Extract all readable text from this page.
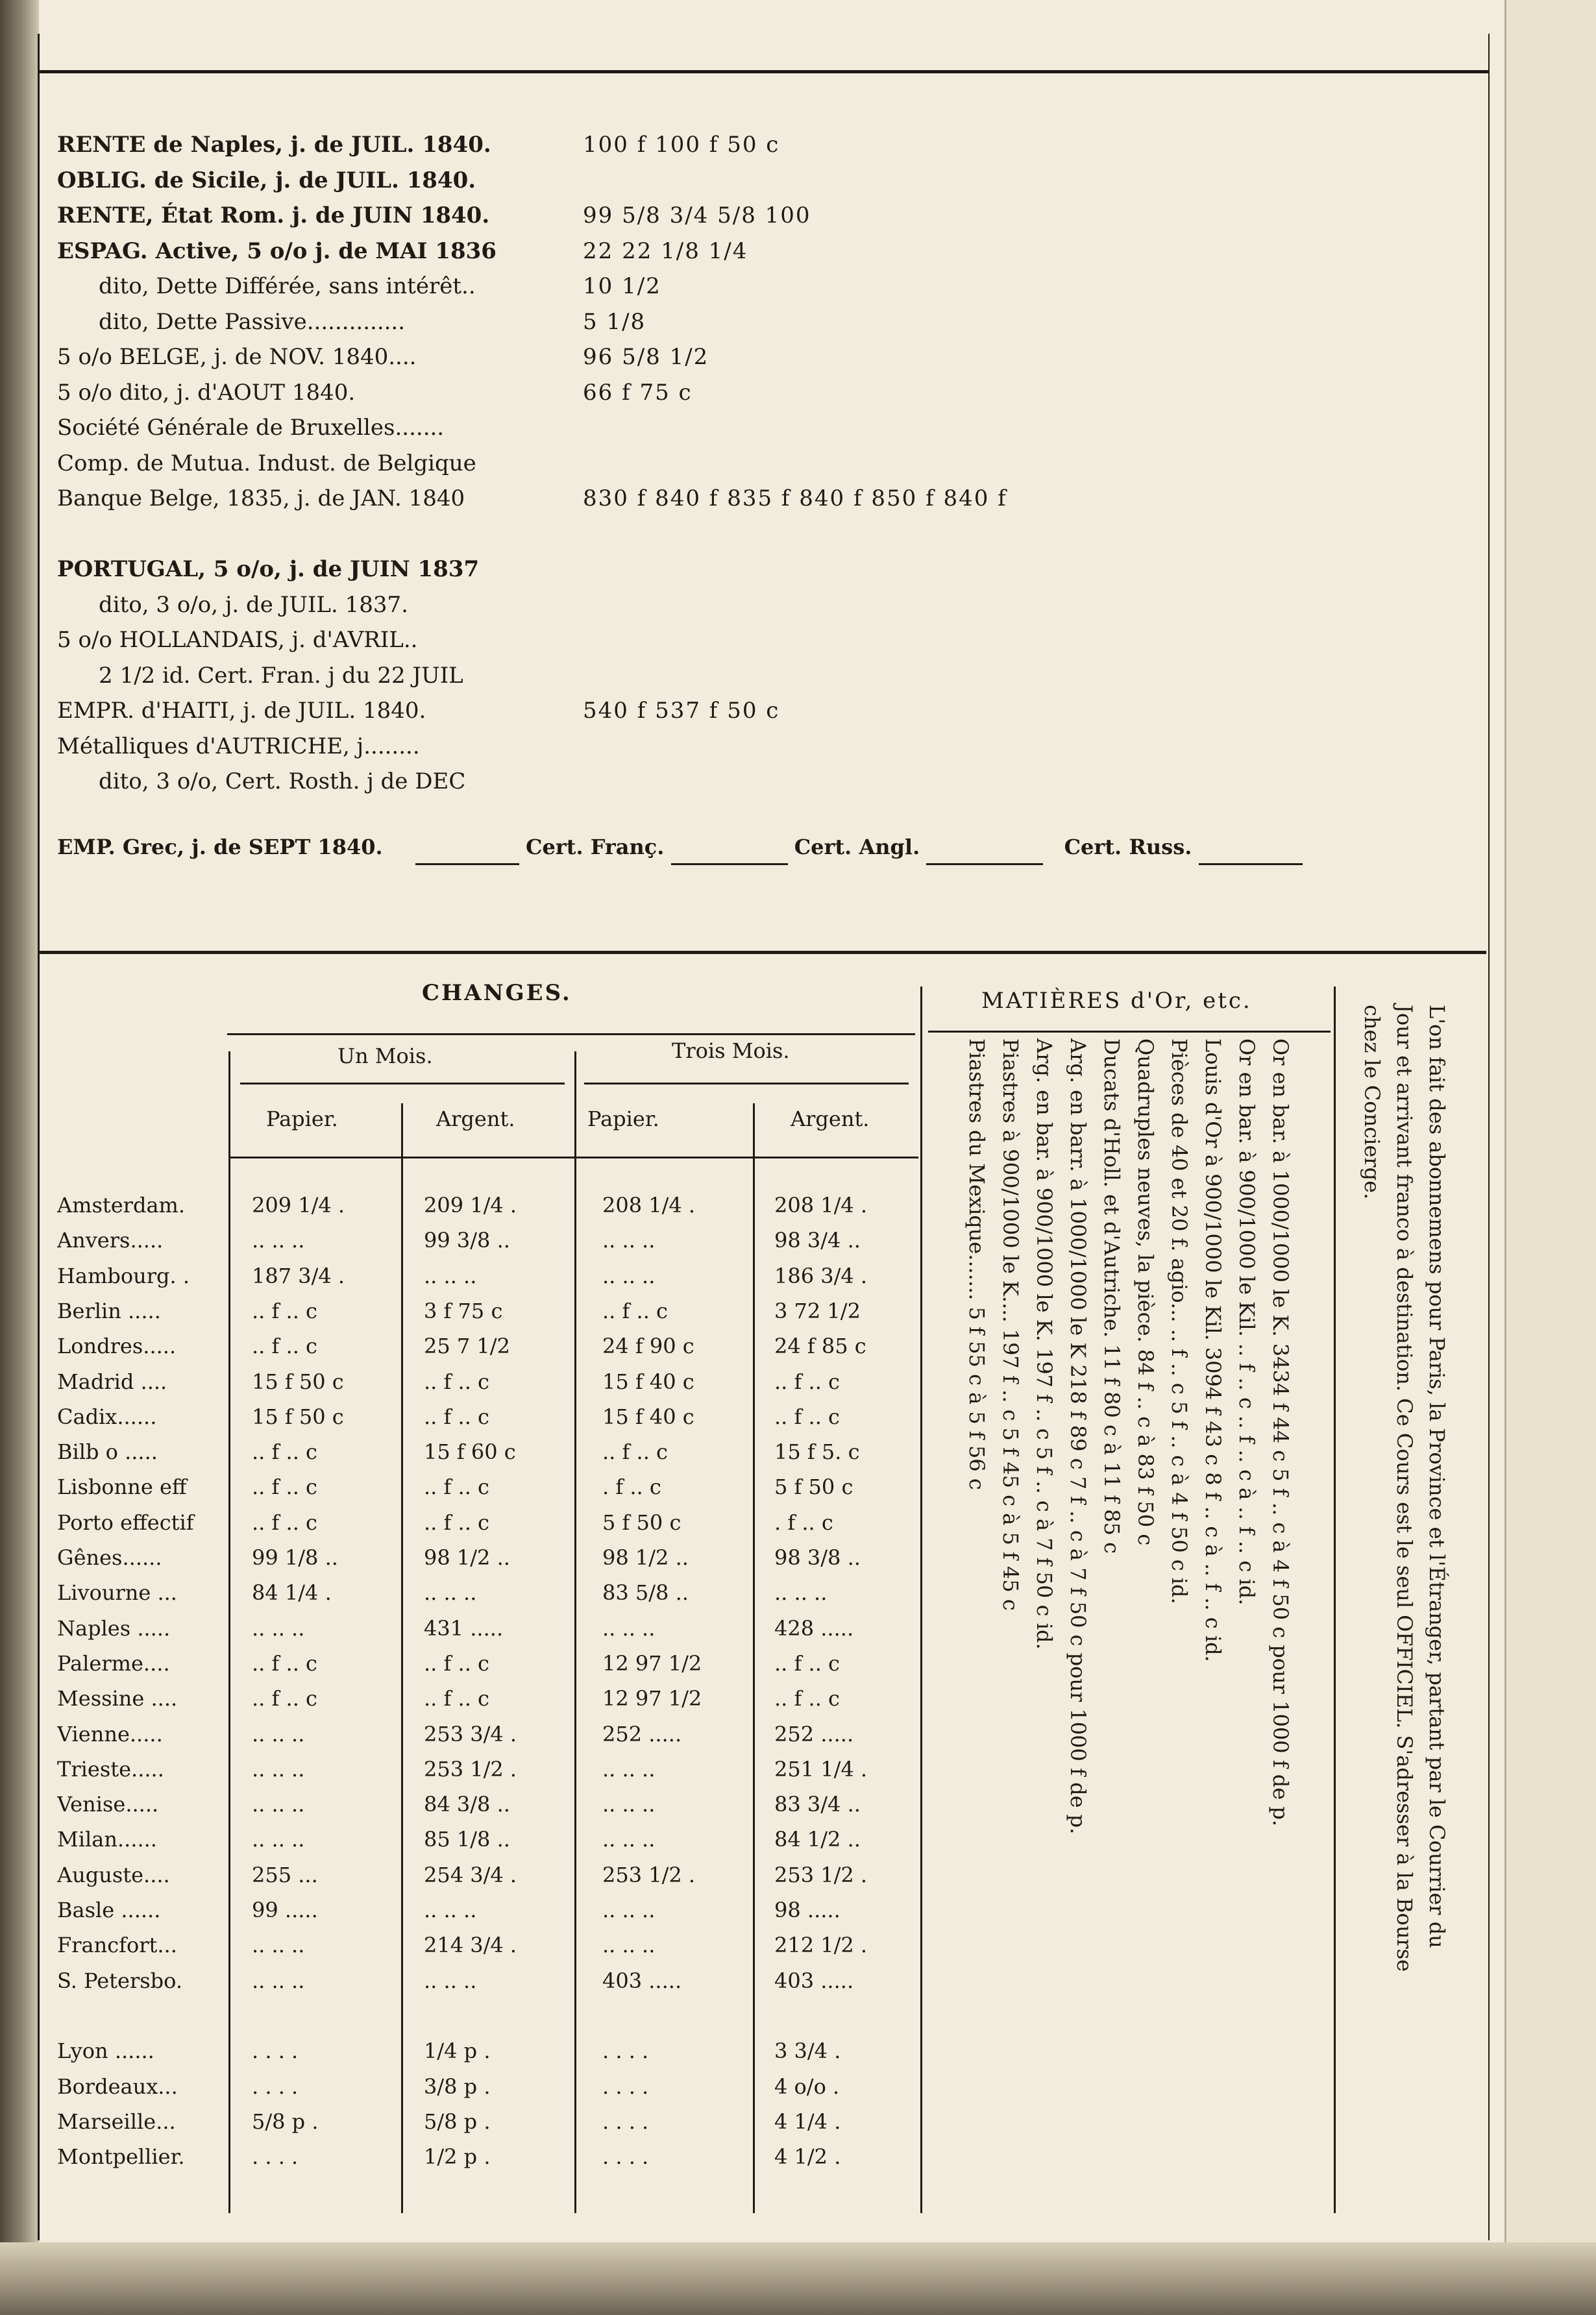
RENTE de Naples, j. de JUIL. 1840.	100 f 100 f 50 c
OBLIG. de Sicile, j. de JUIL. 1840.
RENTE, État Rom. j. de JUIN 1840.	99 5/8 3/4 5/8 100
ESPAG. Active, 5 o/o j. de MAI 1836	22 22 1/8 1/4
dito, Dette Différée, sans intérêt..	10 1/2
dito, Dette Passive..............	5 1/8
5 o/o BELGE, j. de NOV. 1840....	96 5/8 1/2
5 o/o dito, j. d'AOUT 1840.	66 f 75 c
Société Générale de Bruxelles.......
Comp. de Mutua. Indust. de Belgique
Banque Belge, 1835, j. de JAN. 1840	830 f 840 f 835 f 840 f 850 f 840 f
PORTUGAL, 5 o/o, j. de JUIN 1837
dito, 3 o/o, j. de JUIL. 1837.
5 o/o HOLLANDAIS, j. d'AVRIL..
2 1/2 id. Cert. Fran. j du 22 JUIL
EMPR. d'HAITI, j. de JUIL. 1840.	540 f 537 f 50 c
Métalliques d'AUTRICHE, j........
dito, 3 o/o, Cert. Rosth. j de DEC
EMP. Grec, j. de SEPT 1840.	Cert. Franç.	Cert. Angl.	Cert. Russ.
CHANGES.
Un Mois.	Trois Mois.
Papier.	Argent.	Papier.	Argent.
Amsterdam.	209 1/4 .	209 1/4 .	208 1/4 .	208 1/4 .
Anvers.....	.. .. ..	99 3/8 ..	.. .. ..	98 3/4 ..
Hambourg. .	187 3/4 .	.. .. ..	.. .. ..	186 3/4 .
Berlin .....	.. f .. c	3 f 75 c	.. f .. c	3 72 1/2
Londres.....	.. f .. c	25 7 1/2	24 f 90 c	24 f 85 c
Madrid ....	15 f 50 c	.. f .. c	15 f 40 c	.. f .. c
Cadix......	15 f 50 c	.. f .. c	15 f 40 c	.. f .. c
Bilb o .....	.. f .. c	15 f 60 c	.. f .. c	15 f 5. c
Lisbonne eff	.. f .. c	.. f .. c	. f .. c	5 f 50 c
Porto effectif	.. f .. c	.. f .. c	5 f 50 c	. f .. c
Gênes......	99 1/8 ..	98 1/2 ..	98 1/2 ..	98 3/8 ..
Livourne ...	84 1/4 .	.. .. ..	83 5/8 ..	.. .. ..
Naples .....	.. .. ..	431 .....	.. .. ..	428 .....
Palerme....	.. f .. c	.. f .. c	12 97 1/2	.. f .. c
Messine ....	.. f .. c	.. f .. c	12 97 1/2	.. f .. c
Vienne.....	.. .. ..	253 3/4 .	252 .....	252 .....
Trieste.....	.. .. ..	253 1/2 .	.. .. ..	251 1/4 .
Venise.....	.. .. ..	84 3/8 ..	.. .. ..	83 3/4 ..
Milan......	.. .. ..	85 1/8 ..	.. .. ..	84 1/2 ..
Auguste....	255 ...	254 3/4 .	253 1/2 .	253 1/2 .
Basle ......	99 .....	.. .. ..	.. .. ..	98 .....
Francfort...	.. .. ..	214 3/4 .	.. .. ..	212 1/2 .
S. Petersbo.	.. .. ..	.. .. ..	403 .....	403 .....
Lyon ......	. . . .	1/4 p .	. . . .	3 3/4 .
Bordeaux...	. . . .	3/8 p .	. . . .	4 o/o .
Marseille...	5/8 p .	5/8 p .	. . . .	4 1/4 .
Montpellier.	. . . .	1/2 p .	. . . .	4 1/2 .
MATIÈRES d'Or, etc.
Or en bar. à 1000/1000 le K. 3434 f 44 c 5 f .. c à 4 f 50 c pour 1000 f de p.
Or en bar. à 900/1000 le Kil. .. f .. c .. f .. c à .. f .. c id.
Louis d'Or à 900/1000 le Kil. 3094 f 43 c 8 f .. c à .. f .. c id.
Pièces de 40 et 20 f. agio... .. f .. c 5 f .. c à 4 f 50 c id.
Quadruples neuves, la pièce. 84 f .. c à 83 f 50 c
Ducats d'Holl. et d'Autriche. 11 f 80 c à 11 f 85 c
Arg. en barr. à 1000/1000 le K 218 f 89 c 7 f .. c à 7 f 50 c pour 1000 f de p.
Arg. en bar. à 900/1000 le K. 197 f .. c 5 f .. c à 7 f 50 c id.
Piastres à 900/1000 le K.... 197 f .. c 5 f 45 c à 5 f 45 c
Piastres du Mexique....... 5 f 55 c à 5 f 56 c	chez le Concierge. Jour et arrivant franco à destination. Ce Cours est le seul OFFICIEL. S'adresser à la Bourse L'on fait des abonnemens pour Paris, la Province et l'Étranger, partant par le Courrier du
